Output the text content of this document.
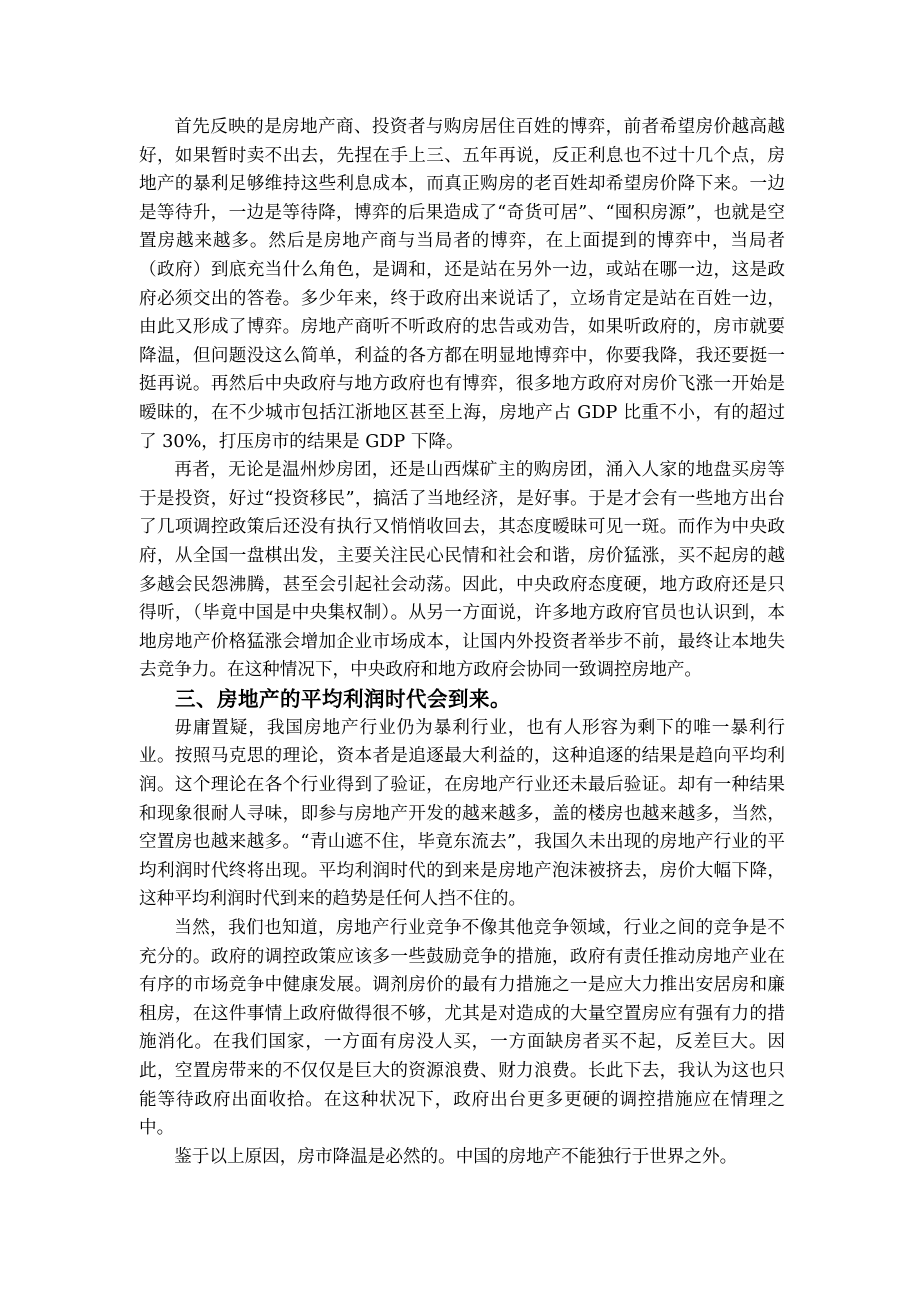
首先反映的是房地产商、投资者与购房居住百姓的博弈，前者希望房价越高越好，如果暂时卖不出去，先捏在手上三、五年再说，反正利息也不过十几个点，房地产的暴利足够维持这些利息成本，而真正购房的老百姓却希望房价降下来。一边是等待升，一边是等待降，博弈的后果造成了“奇货可居”、“囤积房源”，也就是空置房越来越多。然后是房地产商与当局者的博弈，在上面提到的博弈中，当局者（政府）到底充当什么角色，是调和，还是站在另外一边，或站在哪一边，这是政府必须交出的答卷。多少年来，终于政府出来说话了，立场肯定是站在百姓一边，由此又形成了博弈。房地产商听不听政府的忠告或劝告，如果听政府的，房市就要降温，但问题没这么简单，利益的各方都在明显地博弈中，你要我降，我还要挺一挺再说。再然后中央政府与地方政府也有博弈，很多地方政府对房价飞涨一开始是暧昧的，在不少城市包括江浙地区甚至上海，房地产占 GDP 比重不小，有的超过了 30%，打压房市的结果是 GDP 下降。

再者，无论是温州炒房团，还是山西煤矿主的购房团，涌入人家的地盘买房等于是投资，好过“投资移民”，搞活了当地经济，是好事。于是才会有一些地方出台了几项调控政策后还没有执行又悄悄收回去，其态度暧昧可见一斑。而作为中央政府，从全国一盘棋出发，主要关注民心民情和社会和谐，房价猛涨，买不起房的越多越会民怨沸腾，甚至会引起社会动荡。因此，中央政府态度硬，地方政府还是只得听，（毕竟中国是中央集权制）。从另一方面说，许多地方政府官员也认识到，本地房地产价格猛涨会增加企业市场成本，让国内外投资者举步不前，最终让本地失去竞争力。在这种情况下，中央政府和地方政府会协同一致调控房地产。

三、房地产的平均利润时代会到来。

毋庸置疑，我国房地产行业仍为暴利行业，也有人形容为剩下的唯一暴利行业。按照马克思的理论，资本者是追逐最大利益的，这种追逐的结果是趋向平均利润。这个理论在各个行业得到了验证，在房地产行业还未最后验证。却有一种结果和现象很耐人寻味，即参与房地产开发的越来越多，盖的楼房也越来越多，当然，空置房也越来越多。“青山遮不住，毕竟东流去”，我国久未出现的房地产行业的平均利润时代终将出现。平均利润时代的到来是房地产泡沫被挤去，房价大幅下降，这种平均利润时代到来的趋势是任何人挡不住的。

当然，我们也知道，房地产行业竞争不像其他竞争领域，行业之间的竞争是不充分的。政府的调控政策应该多一些鼓励竞争的措施，政府有责任推动房地产业在有序的市场竞争中健康发展。调剂房价的最有力措施之一是应大力推出安居房和廉租房，在这件事情上政府做得很不够，尤其是对造成的大量空置房应有强有力的措施消化。在我们国家，一方面有房没人买，一方面缺房者买不起，反差巨大。因此，空置房带来的不仅仅是巨大的资源浪费、财力浪费。长此下去，我认为这也只能等待政府出面收拾。在这种状况下，政府出台更多更硬的调控措施应在情理之中。

鉴于以上原因，房市降温是必然的。中国的房地产不能独行于世界之外。
